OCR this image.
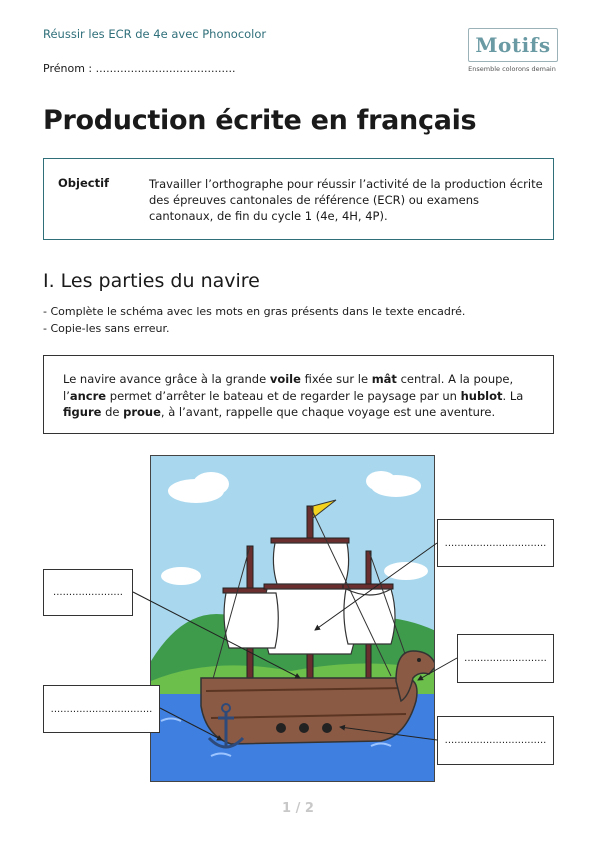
Réussir les ECR de 4e avec Phonocolor
Prénom : ........................................
Motifs
Ensemble colorons demain
Production écrite en français
Objectif	Travailler l’orthographe pour réussir l’activité de la production écrite des épreuves cantonales de référence (ECR) ou examens cantonaux, de fin du cycle 1 (4e, 4H, 4P).
I. Les parties du navire
- Complète le schéma avec les mots en gras présents dans le texte encadré.
- Copie-les sans erreur.
Le navire avance grâce à la grande voile fixée sur le mât central. A la poupe, l’ancre permet d’arrêter le bateau et de regarder le paysage par un hublot. La figure de proue, à l’avant, rappelle que chaque voyage est une aventure.
......................
................................
................................
..........................
................................
1 / 2
